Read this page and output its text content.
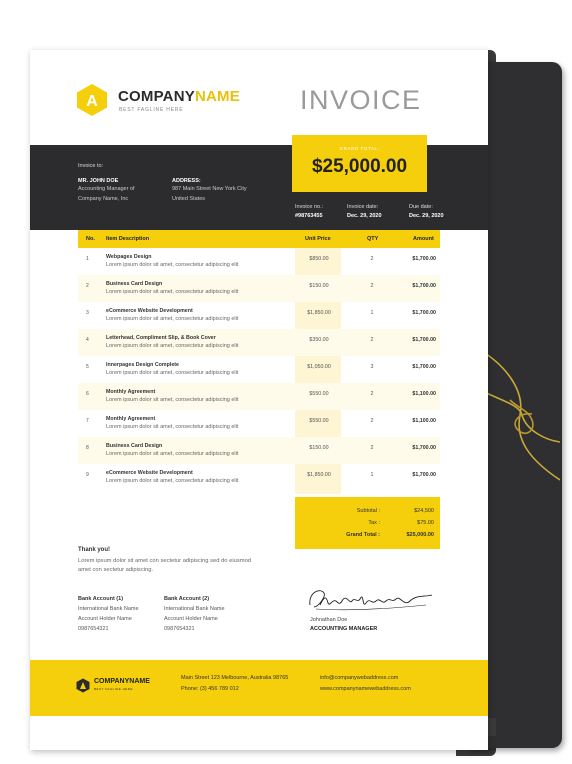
A COMPANYNAME
BEST FAGLINE HERE	INVOICE
GRAND TOTAL:
$25,000.00
Invoice to:
MR. JOHN DOE
Accounting Manager of
Company Name, Inc
ADDRESS:
987 Main Street New York City
United States
Invoice no.:
#98763455
Invoice date:
Dec. 29, 2020
Due date:
Dec. 29, 2020
No. Item Description	Unit Price	QTY	Amount
1	Webpages Design
Lorem ipsum dolor sit amet, consectetur adipiscing elit
$850.00	2	$1,700.00
2	Business Card Design
Lorem ipsum dolor sit amet, consectetur adipiscing elit
$150.00	2	$1,700.00
3	eCommerce Website Development
Lorem ipsum dolor sit amet, consectetur adipiscing elit
$1,850.00	1	$1,700.00
4	Letterhead, Compliment Slip, & Book Cover
Lorem ipsum dolor sit amet, consectetur adipiscing elit
$350.00	2	$1,700.00
5	Innerpages Design Complete
Lorem ipsum dolor sit amet, consectetur adipiscing elit
$1,050.00	3	$1,700.00
6	Monthly Agreement
Lorem ipsum dolor sit amet, consectetur adipiscing elit
$550.00	2	$1,100.00
7	Monthly Agreement
Lorem ipsum dolor sit amet, consectetur adipiscing elit
$550.00	2	$1,100.00
8	Business Card Design
Lorem ipsum dolor sit amet, consectetur adipiscing elit
$150.00	2	$1,700.00
9	eCommerce Website Development
Lorem ipsum dolor sit amet, consectetur adipiscing elit
$1,850.00	1	$1,700.00
Subtotal :	$24,500
Tax :	$75.00
Grand Total :	$25,000.00
Thank you!
Lorem ipsum dolor sit amet con sectetur adipiscing sed do eiusmod amet con sectetur adipiscing.
Bank Account (1)
International Bank Name
Account Holder Name
0987654321
Bank Account (2)
International Bank Name
Account Holder Name
0987654321
Johnathan Doe
ACCOUNTING MANAGER
COMPANYNAME
BEST FAGLINE HERE
Main Street 123 Melbourne, Australia 98765
Phone: (3) 456 789 012
info@companywebaddress.com
www.companynamewebaddress.com
